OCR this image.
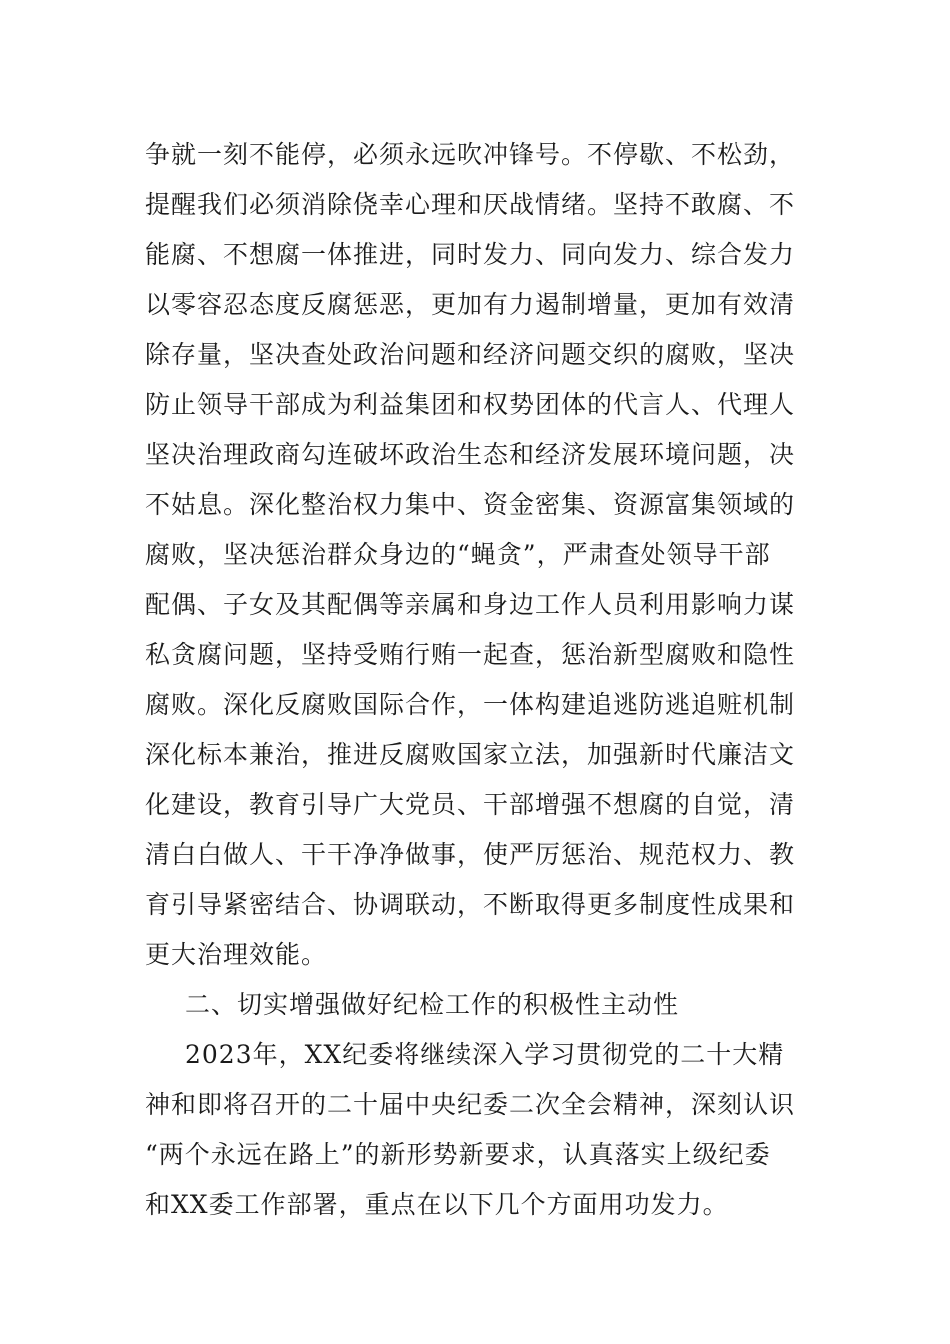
争就一刻不能停，必须永远吹冲锋号。不停歇、不松劲，
提醒我们必须消除侥幸心理和厌战情绪。坚持不敢腐、不
能腐、不想腐一体推进，同时发力、同向发力、综合发力
以零容忍态度反腐惩恶，更加有力遏制增量，更加有效清
除存量，坚决查处政治问题和经济问题交织的腐败，坚决
防止领导干部成为利益集团和权势团体的代言人、代理人
坚决治理政商勾连破坏政治生态和经济发展环境问题，决
不姑息。深化整治权力集中、资金密集、资源富集领域的
腐败，坚决惩治群众身边的“蝇贪”，严肃查处领导干部
配偶、子女及其配偶等亲属和身边工作人员利用影响力谋
私贪腐问题，坚持受贿行贿一起查，惩治新型腐败和隐性
腐败。深化反腐败国际合作，一体构建追逃防逃追赃机制
深化标本兼治，推进反腐败国家立法，加强新时代廉洁文
化建设，教育引导广大党员、干部增强不想腐的自觉，清
清白白做人、干干净净做事，使严厉惩治、规范权力、教
育引导紧密结合、协调联动，不断取得更多制度性成果和
更大治理效能。
二、切实增强做好纪检工作的积极性主动性
2023年，XX纪委将继续深入学习贯彻党的二十大精
神和即将召开的二十届中央纪委二次全会精神，深刻认识
“两个永远在路上”的新形势新要求，认真落实上级纪委
和XX委工作部署，重点在以下几个方面用功发力。
